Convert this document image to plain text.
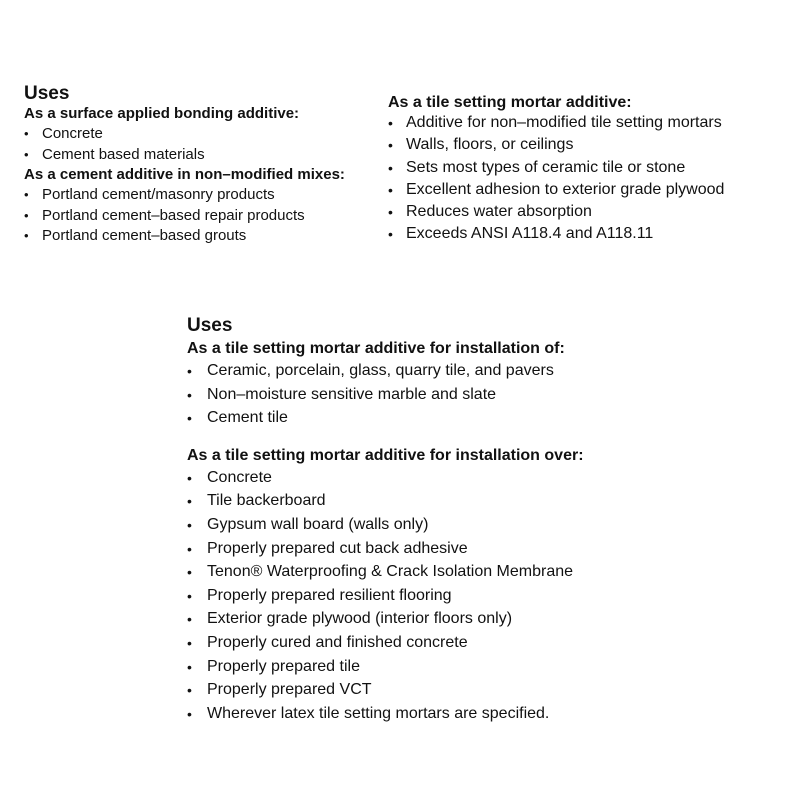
Uses
As a surface applied bonding additive:
• Concrete
• Cement based materials
As a cement additive in non–modified mixes:
• Portland cement/masonry products
• Portland cement–based repair products
• Portland cement–based grouts
As a tile setting mortar additive:
• Additive for non–modified tile setting mortars
• Walls, floors, or ceilings
• Sets most types of ceramic tile or stone
• Excellent adhesion to exterior grade plywood
• Reduces water absorption
• Exceeds ANSI A118.4 and A118.11
Uses
As a tile setting mortar additive for installation of:
• Ceramic, porcelain, glass, quarry tile, and pavers
• Non–moisture sensitive marble and slate
• Cement tile
As a tile setting mortar additive for installation over:
• Concrete
• Tile backerboard
• Gypsum wall board (walls only)
• Properly prepared cut back adhesive
• Tenon® Waterproofing & Crack Isolation Membrane
• Properly prepared resilient flooring
• Exterior grade plywood (interior floors only)
• Properly cured and finished concrete
• Properly prepared tile
• Properly prepared VCT
• Wherever latex tile setting mortars are specified.
